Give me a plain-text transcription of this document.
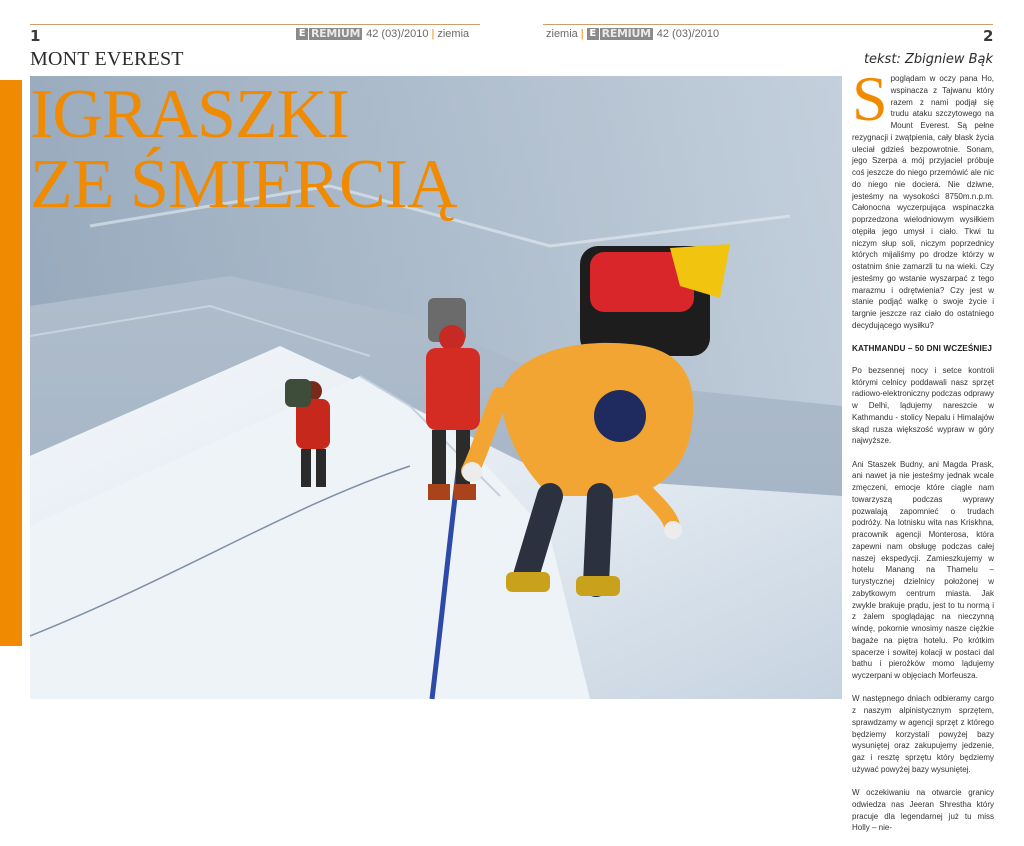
1	2
E REMIUM 42 (03)/2010 | ziemia	ziemia | E REMIUM 42 (03)/2010
MONT EVEREST
IGRASZKI
ZE ŚMIERCIĄ
tekst: Zbigniew Bąk

Spoglądam w oczy pana Ho, wspinacza z Tajwanu który razem z nami podjął się trudu ataku szczytowego na Mount Everest. Są pełne rezygnacji i zwątpienia, cały blask życia uleciał gdzieś bezpowrotnie. Sonam, jego Szerpa a mój przyjaciel próbuje coś jeszcze do niego przemówić ale nic do niego nie dociera. Nie dziwne, jesteśmy na wysokości 8750m.n.p.m. Całonocna wyczerpująca wspinaczka poprzedzona wielodniowym wysiłkiem otępiła jego umysł i ciało. Tkwi tu niczym słup soli, niczym poprzednicy których mijaliśmy po drodze którzy w ostatnim śnie zamarzli tu na wieki. Czy jesteśmy go wstanie wyszarpać z tego marazmu i odrętwienia? Czy jest w stanie podjąć walkę o swoje życie i targnie jeszcze raz ciało do ostatniego decydującego wysiłku?

KATHMANDU – 50 DNI WCZEŚNIEJ

Po bezsennej nocy i setce kontroli którymi celnicy poddawali nasz sprzęt radiowo-elektroniczny podczas odprawy w Delhi, lądujemy nareszcie w Kathmandu - stolicy Nepalu i Himalajów skąd rusza większość wypraw w góry najwyższe.

Ani Staszek Budny, ani Magda Prask, ani nawet ja nie jesteśmy jednak wcale zmęczeni, emocje które ciągle nam towarzyszą podczas wyprawy pozwalają zapomnieć o trudach podróży. Na lotnisku wita nas Kriskhna, pracownik agencji Monterosa, która zapewni nam obsługę podczas całej naszej ekspedycji. Zamieszkujemy w hotelu Manang na Thamelu – turystycznej dzielnicy położonej w zabytkowym centrum miasta. Jak zwykle brakuje prądu, jest to tu normą i z żalem spoglądając na nieczynną windę, pokornie wnosimy nasze ciężkie bagaże na piętra hotelu. Po krótkim spacerze i sowitej kolacji w postaci dal bathu i pierożków momo lądujemy wyczerpani w objęciach Morfeusza.

W następnego dniach odbieramy cargo z naszym alpinistycznym sprzętem, sprawdzamy w agencji sprzęt z którego będziemy korzystali powyżej bazy wysuniętej oraz zakupujemy jedzenie, gaz i resztę sprzętu który będziemy używać powyżej bazy wysuniętej.

W oczekiwaniu na otwarcie granicy odwiedza nas Jeeran Shrestha który pracuje dla legendarnej już tu miss Holly – nie-
